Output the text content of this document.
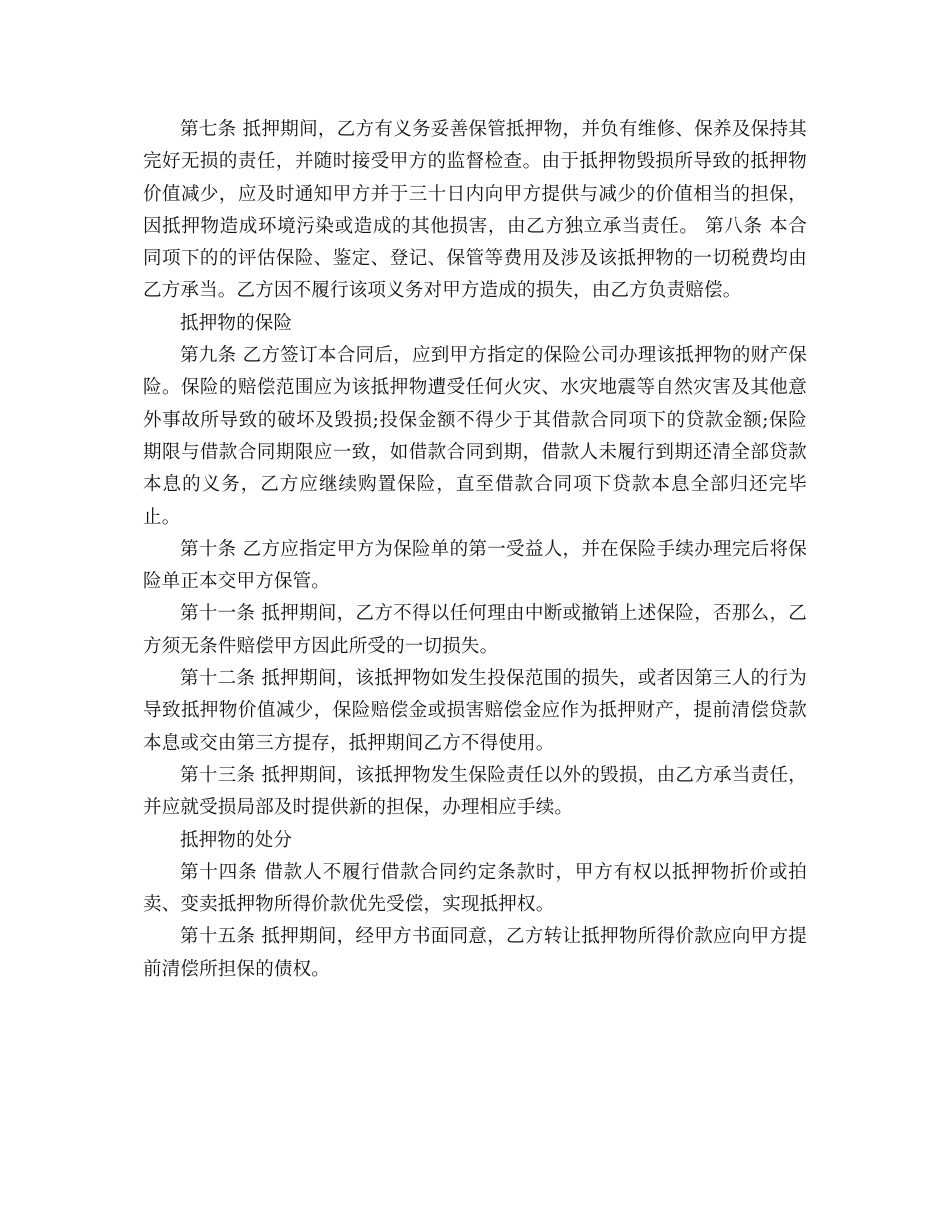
第七条 抵押期间，乙方有义务妥善保管抵押物，并负有维修、保养及保持其完好无损的责任，并随时接受甲方的监督检查。由于抵押物毁损所导致的抵押物价值减少，应及时通知甲方并于三十日内向甲方提供与减少的价值相当的担保，因抵押物造成环境污染或造成的其他损害，由乙方独立承当责任。 第八条 本合同项下的的评估保险、鉴定、登记、保管等费用及涉及该抵押物的一切税费均由乙方承当。乙方因不履行该项义务对甲方造成的损失，由乙方负责赔偿。

抵押物的保险

第九条 乙方签订本合同后，应到甲方指定的保险公司办理该抵押物的财产保险。保险的赔偿范围应为该抵押物遭受任何火灾、水灾地震等自然灾害及其他意外事故所导致的破坏及毁损;投保金额不得少于其借款合同项下的贷款金额;保险期限与借款合同期限应一致，如借款合同到期，借款人未履行到期还清全部贷款本息的义务，乙方应继续购置保险，直至借款合同项下贷款本息全部归还完毕止。

第十条 乙方应指定甲方为保险单的第一受益人，并在保险手续办理完后将保险单正本交甲方保管。

第十一条 抵押期间，乙方不得以任何理由中断或撤销上述保险，否那么，乙方须无条件赔偿甲方因此所受的一切损失。

第十二条 抵押期间，该抵押物如发生投保范围的损失，或者因第三人的行为导致抵押物价值减少，保险赔偿金或损害赔偿金应作为抵押财产，提前清偿贷款本息或交由第三方提存，抵押期间乙方不得使用。

第十三条 抵押期间，该抵押物发生保险责任以外的毁损，由乙方承当责任，并应就受损局部及时提供新的担保，办理相应手续。

抵押物的处分

第十四条 借款人不履行借款合同约定条款时，甲方有权以抵押物折价或拍卖、变卖抵押物所得价款优先受偿，实现抵押权。

第十五条 抵押期间，经甲方书面同意，乙方转让抵押物所得价款应向甲方提前清偿所担保的债权。
